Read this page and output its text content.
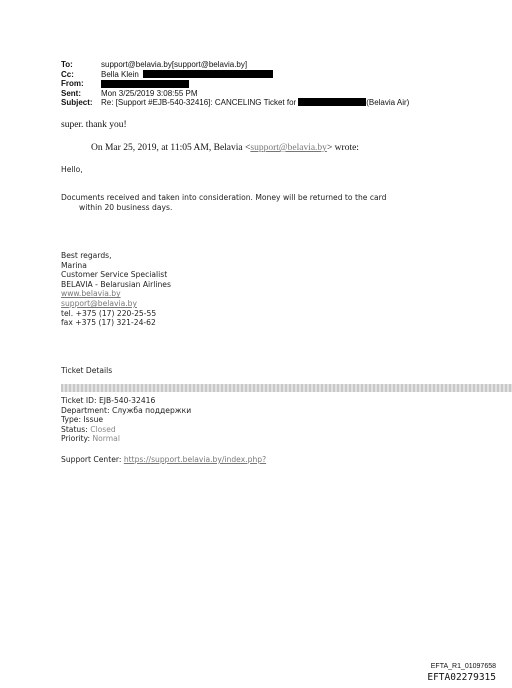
To:	support@belavia.by[support@belavia.by]
Cc:	Bella Klein
From:
Sent:	Mon 3/25/2019 3:08:55 PM
Subject:	Re: [Support #EJB-540-32416]: CANCELING Ticket for	(Belavia Air)
super. thank you!
On Mar 25, 2019, at 11:05 AM, Belavia <support@belavia.by> wrote:
Hello,
Documents received and taken into consideration. Money will be returned to the card
within 20 business days.
Best regards,
Marina
Customer Service Specialist
BELAVIA - Belarusian Airlines
www.belavia.by
support@belavia.by
tel. +375 (17) 220-25-55
fax +375 (17) 321-24-62
Ticket Details
Ticket ID: EJB-540-32416
Department: Служба поддержки
Type: Issue
Status: Closed
Priority: Normal
Support Center: https://support.belavia.by/index.php?
EFTA_R1_01097658
EFTA02279315
